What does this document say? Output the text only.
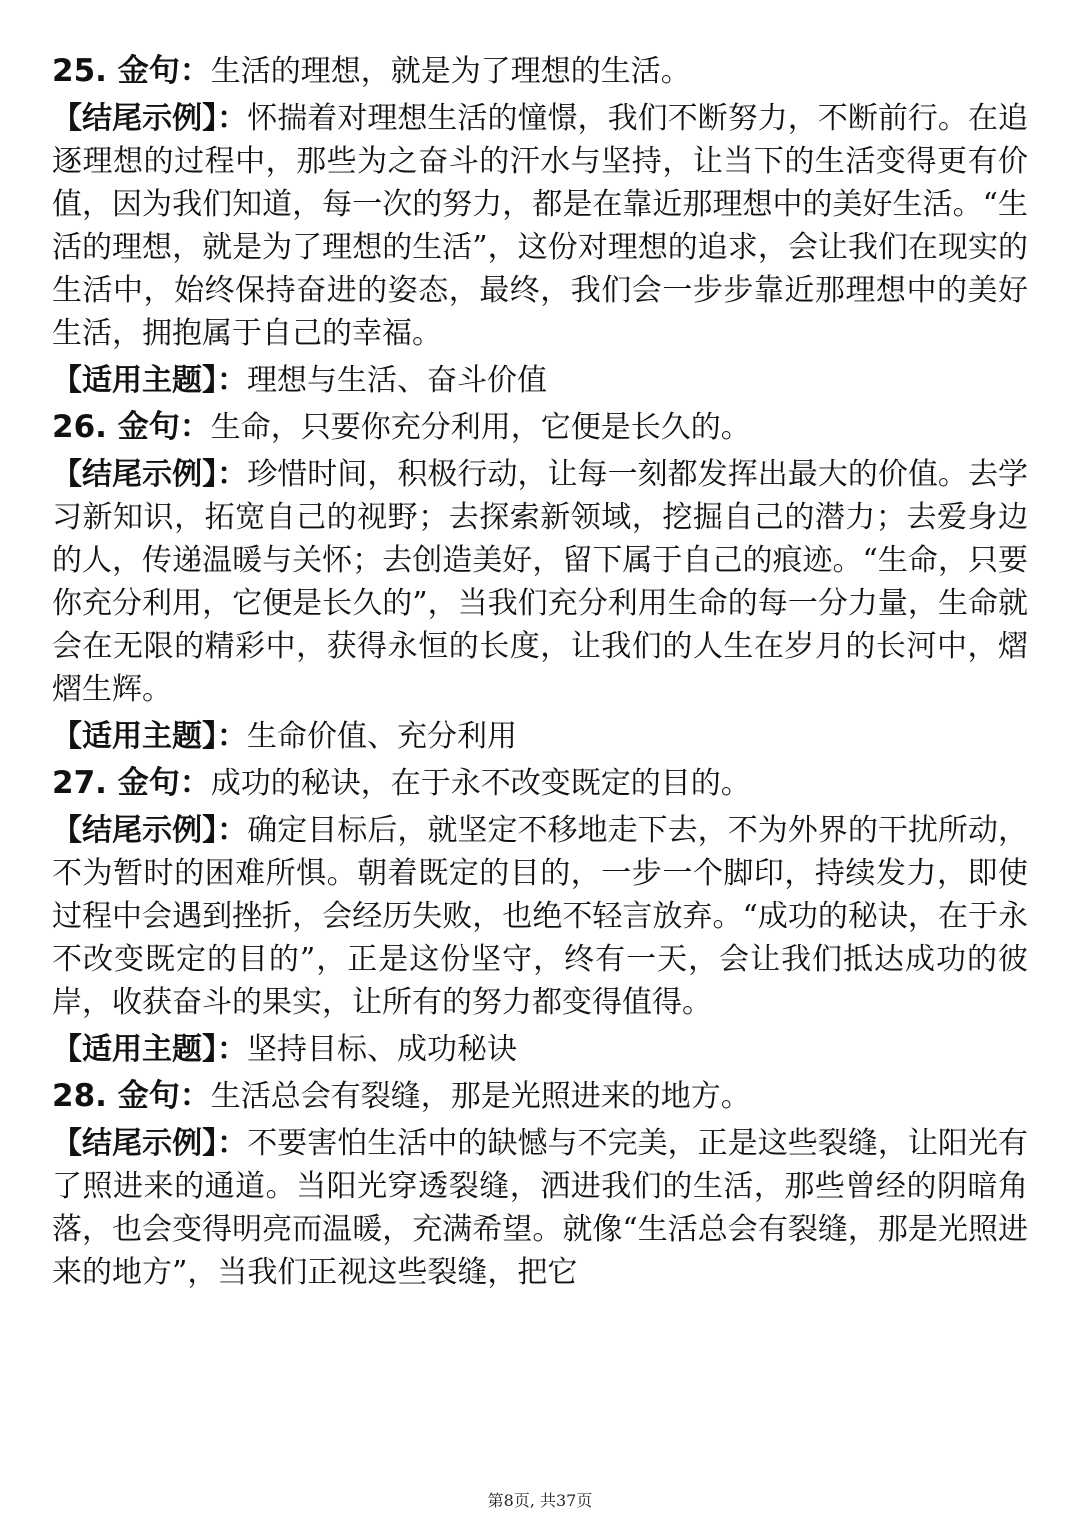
25. 金句：生活的理想，就是为了理想的生活。

【结尾示例】：怀揣着对理想生活的憧憬，我们不断努力，不断前行。在追逐理想的过程中，那些为之奋斗的汗水与坚持，让当下的生活变得更有价值，因为我们知道，每一次的努力，都是在靠近那理想中的美好生活。“生活的理想，就是为了理想的生活”，这份对理想的追求，会让我们在现实的生活中，始终保持奋进的姿态，最终，我们会一步步靠近那理想中的美好生活，拥抱属于自己的幸福。

【适用主题】：理想与生活、奋斗价值

26. 金句：生命，只要你充分利用，它便是长久的。

【结尾示例】：珍惜时间，积极行动，让每一刻都发挥出最大的价值。去学习新知识，拓宽自己的视野；去探索新领域，挖掘自己的潜力；去爱身边的人，传递温暖与关怀；去创造美好，留下属于自己的痕迹。“生命，只要你充分利用，它便是长久的”，当我们充分利用生命的每一分力量，生命就会在无限的精彩中，获得永恒的长度，让我们的人生在岁月的长河中，熠熠生辉。

【适用主题】：生命价值、充分利用

27. 金句：成功的秘诀，在于永不改变既定的目的。

【结尾示例】：确定目标后，就坚定不移地走下去，不为外界的干扰所动，不为暂时的困难所惧。朝着既定的目的，一步一个脚印，持续发力，即使过程中会遇到挫折，会经历失败，也绝不轻言放弃。“成功的秘诀，在于永不改变既定的目的”，正是这份坚守，终有一天，会让我们抵达成功的彼岸，收获奋斗的果实，让所有的努力都变得值得。

【适用主题】：坚持目标、成功秘诀

28. 金句：生活总会有裂缝，那是光照进来的地方。

【结尾示例】：不要害怕生活中的缺憾与不完美，正是这些裂缝，让阳光有了照进来的通道。当阳光穿透裂缝，洒进我们的生活，那些曾经的阴暗角落，也会变得明亮而温暖，充满希望。就像“生活总会有裂缝，那是光照进来的地方”，当我们正视这些裂缝，把它

第8页, 共37页
